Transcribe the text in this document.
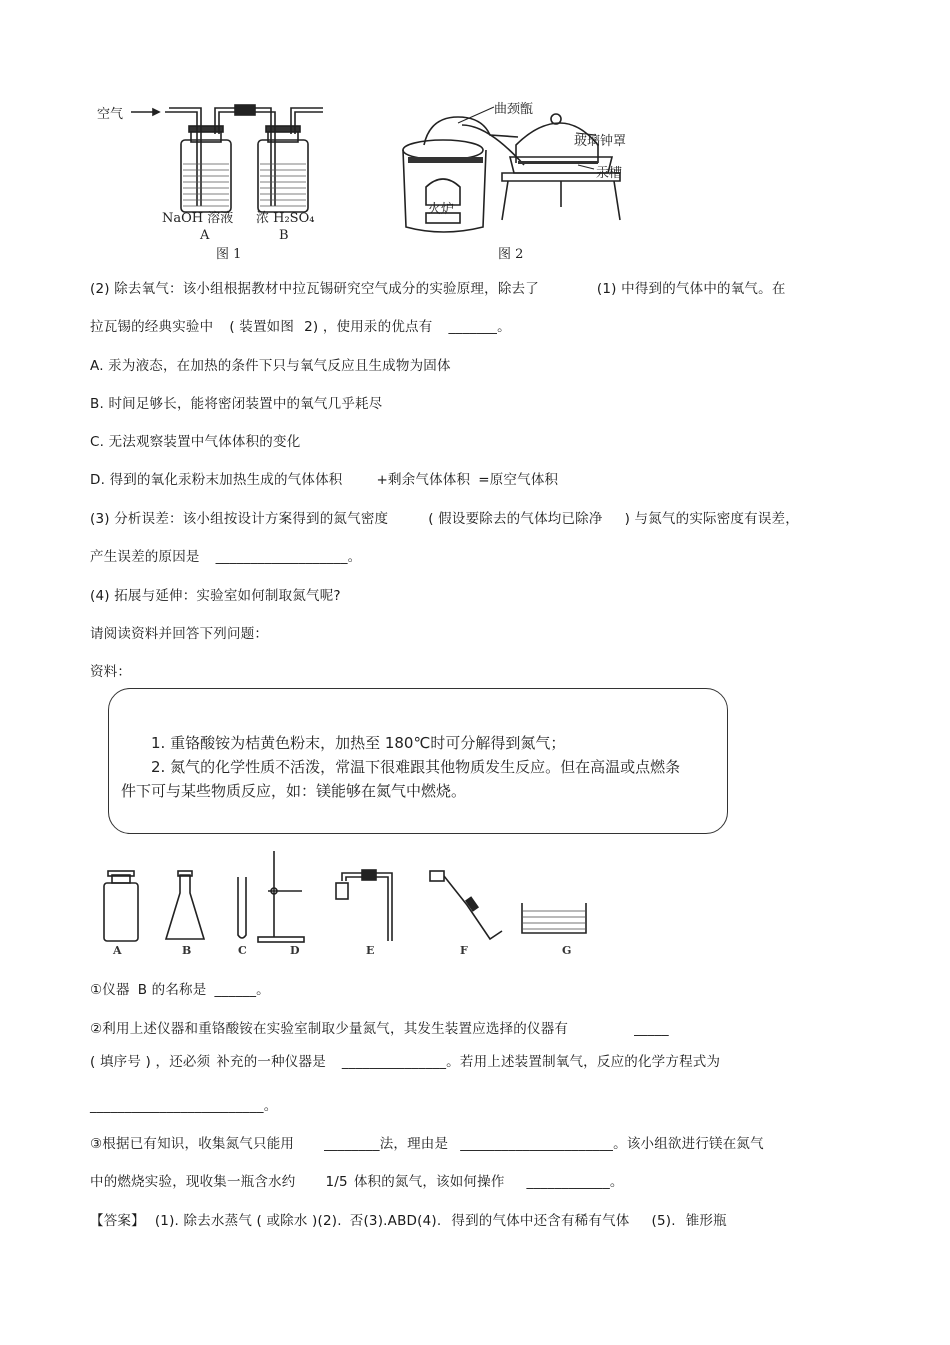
空气
NaOH 溶液 浓 H₂SO₄
A	B
图 1
曲颈甑
玻璃钟罩
汞槽
火炉
图 2
(2) 除去氧气：该小组根据教材中拉瓦锡研究空气成分的实验原理，除去了	(1) 中得到的气体中的氧气。在
拉瓦锡的经典实验中 ( 装置如图 2) ，使用汞的优点有 _______。
A. 汞为液态，在加热的条件下只与氧气反应且生成物为固体
B. 时间足够长，能将密闭装置中的氧气几乎耗尽
C. 无法观察装置中气体体积的变化
D. 得到的氧化汞粉末加热生成的气体体积	+剩余气体体积 =原空气体积
(3) 分析误差：该小组按设计方案得到的氮气密度	( 假设要除去的气体均已除净 ) 与氮气的实际密度有误差，
产生误差的原因是 ___________________。
(4) 拓展与延伸：实验室如何制取氮气呢?
请阅读资料并回答下列问题：
资料：
1. 重铬酸铵为桔黄色粉末，加热至 180℃时可分解得到氮气；
2. 氮气的化学性质不活泼，常温下很难跟其他物质发生反应。但在高温或点燃条
件下可与某些物质反应，如：镁能够在氮气中燃烧。
A	B	C	D	E	F	G
①仪器 B 的名称是 ______。
②利用上述仪器和重铬酸铵在实验室制取少量氮气，其发生装置应选择的仪器有	_____
( 填序号 ) ，还必须 补充的一种仪器是 _______________。若用上述装置制氧气，反应的化学方程式为
_________________________。
③根据已有知识，收集氮气只能用 ________法，理由是 ______________________。该小组欲进行镁在氮气
中的燃烧实验，现收集一瓶含水约 1/5 体积的氮气，该如何操作 ____________。
【答案】 (1). 除去水蒸气 ( 或除水 )(2). 否(3).ABD(4). 得到的气体中还含有稀有气体 (5). 锥形瓶
